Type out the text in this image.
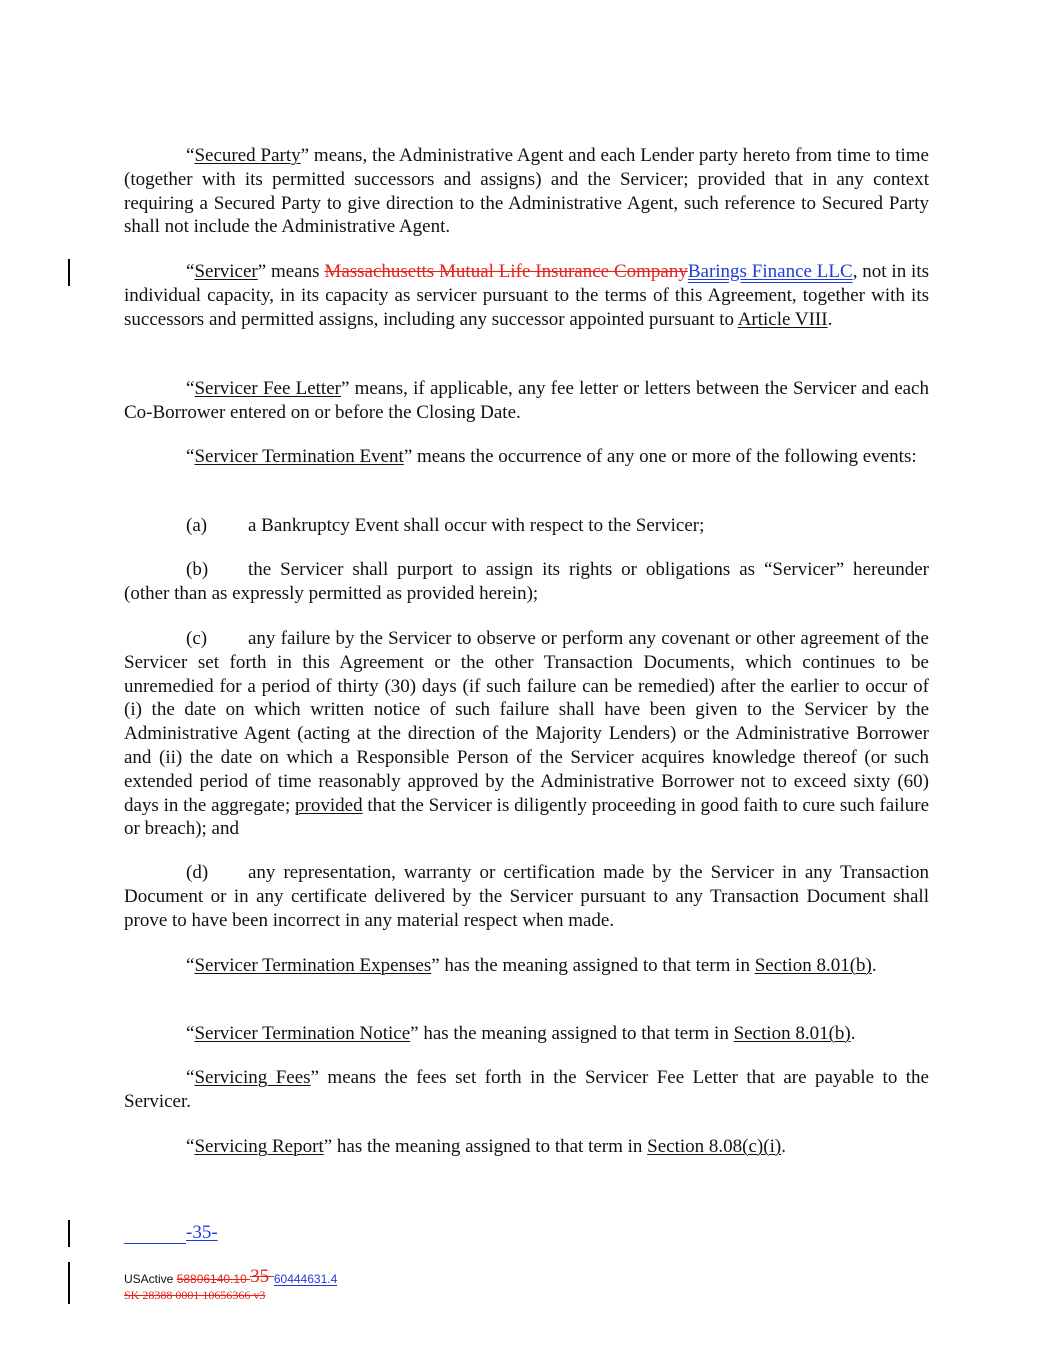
“Secured Party” means, the Administrative Agent and each Lender party hereto from time to time (together with its permitted successors and assigns) and the Servicer; provided that in any context requiring a Secured Party to give direction to the Administrative Agent, such reference to Secured Party shall not include the Administrative Agent.

“Servicer” means Massachusetts Mutual Life Insurance CompanyBarings Finance LLC, not in its individual capacity, in its capacity as servicer pursuant to the terms of this Agreement, together with its successors and permitted assigns, including any successor appointed pursuant to Article VIII.

“Servicer Fee Letter” means, if applicable, any fee letter or letters between the Servicer and each Co-Borrower entered on or before the Closing Date.

“Servicer Termination Event” means the occurrence of any one or more of the following events:

(a) a Bankruptcy Event shall occur with respect to the Servicer;

(b) the Servicer shall purport to assign its rights or obligations as “Servicer” hereunder (other than as expressly permitted as provided herein);

(c) any failure by the Servicer to observe or perform any covenant or other agreement of the Servicer set forth in this Agreement or the other Transaction Documents, which continues to be unremedied for a period of thirty (30) days (if such failure can be remedied) after the earlier to occur of (i) the date on which written notice of such failure shall have been given to the Servicer by the Administrative Agent (acting at the direction of the Majority Lenders) or the Administrative Borrower and (ii) the date on which a Responsible Person of the Servicer acquires knowledge thereof (or such extended period of time reasonably approved by the Administrative Borrower not to exceed sixty (60) days in the aggregate; provided that the Servicer is diligently proceeding in good faith to cure such failure or breach); and

(d) any representation, warranty or certification made by the Servicer in any Transaction Document or in any certificate delivered by the Servicer pursuant to any Transaction Document shall prove to have been incorrect in any material respect when made.

“Servicer Termination Expenses” has the meaning assigned to that term in Section 8.01(b).

“Servicer Termination Notice” has the meaning assigned to that term in Section 8.01(b).

“Servicing Fees” means the fees set forth in the Servicer Fee Letter that are payable to the Servicer.

“Servicing Report” has the meaning assigned to that term in Section 8.08(c)(i).

-35-
USActive 58806140.10 35 60444631.4
SK 28388 0001 10656366 v3
